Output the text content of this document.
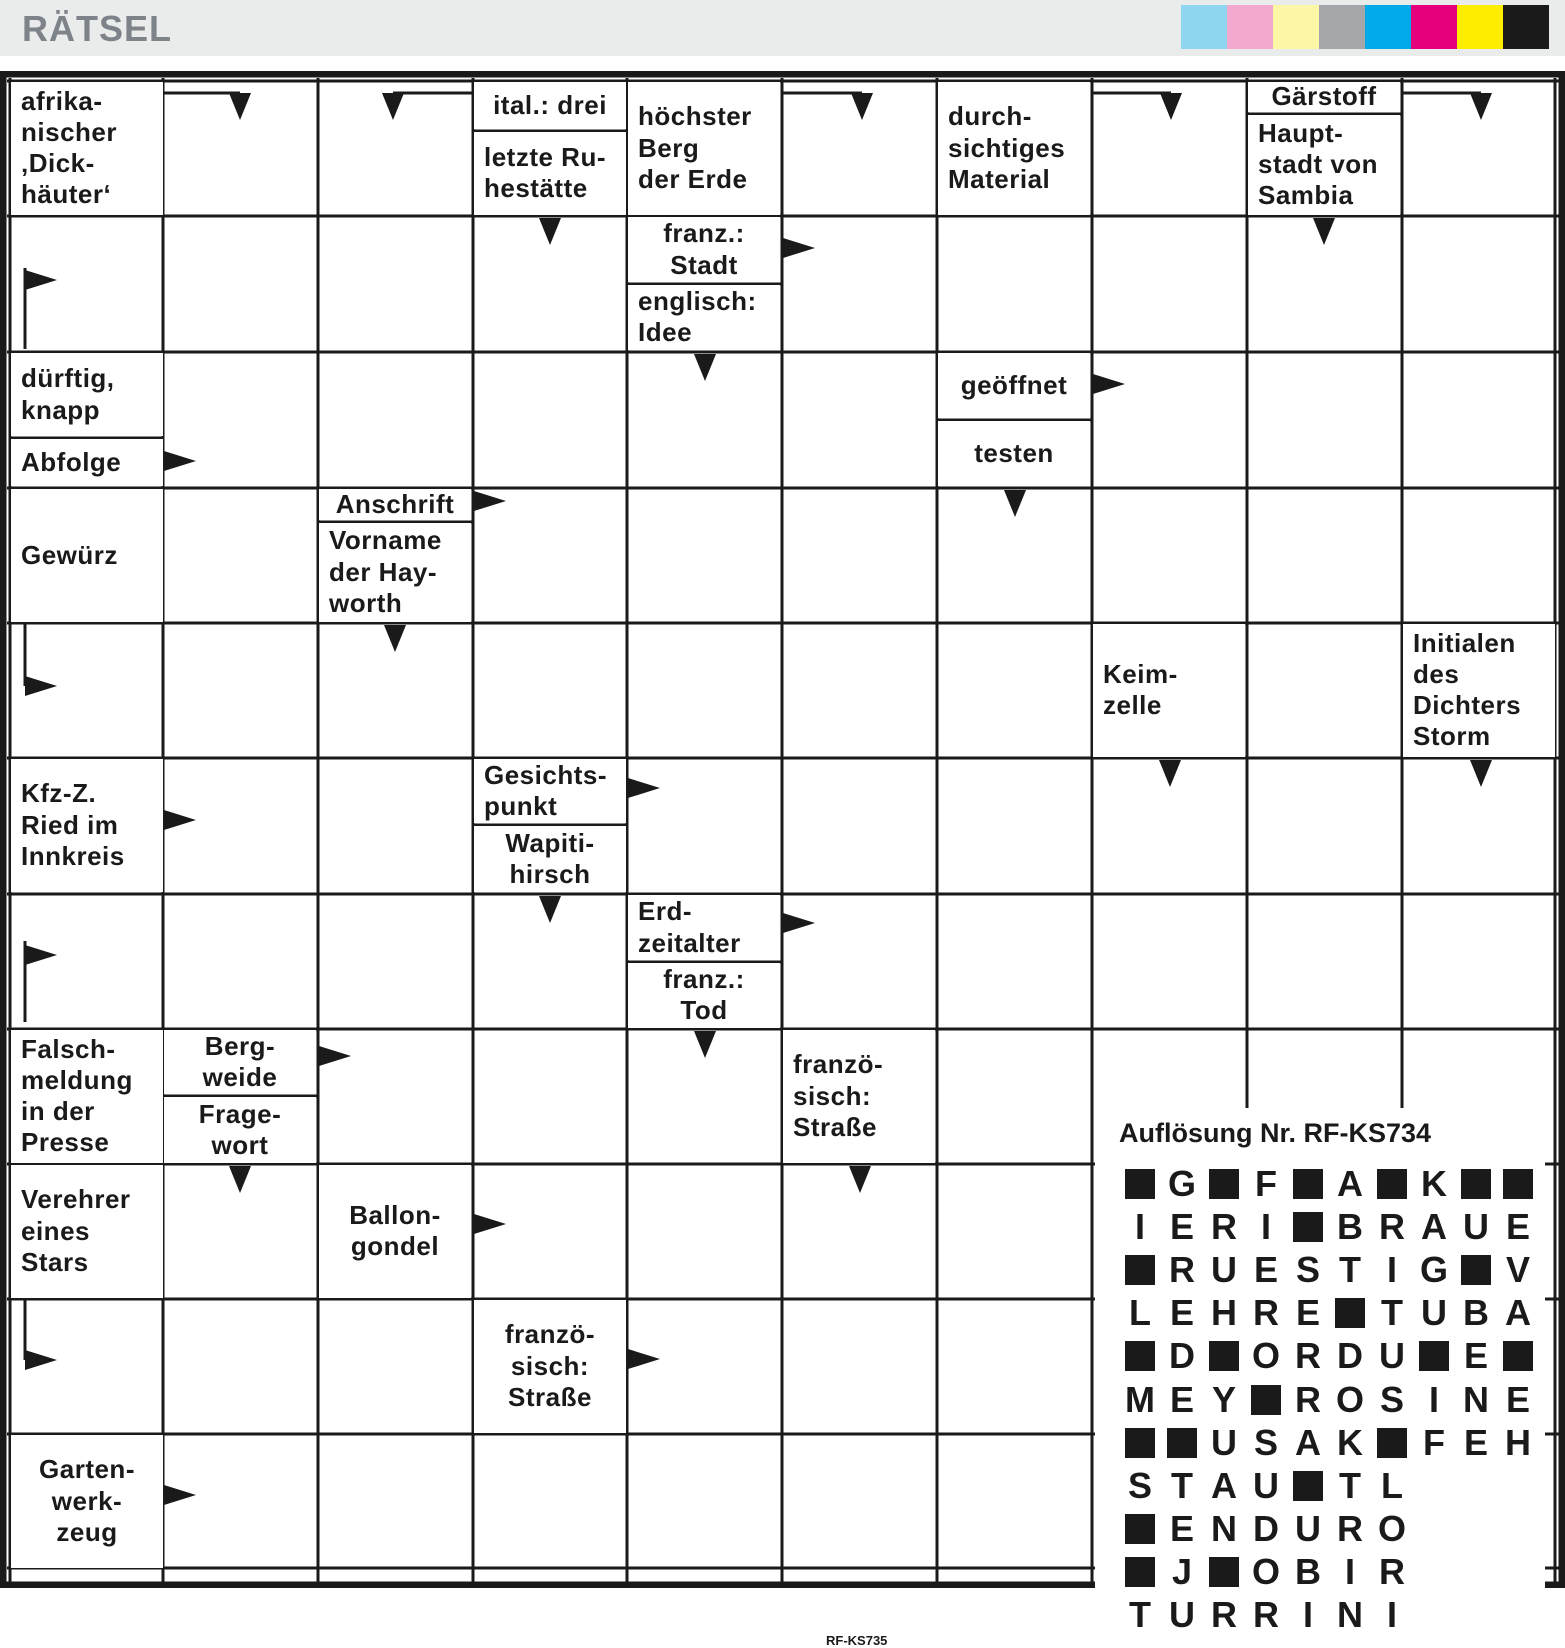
RÄTSEL
afrika-
nischer
‚Dick-
häuter‘
ital.: drei
letzte Ru-
hestätte
höchster
Berg
der Erde
durch-
sichtiges
Material
Gärstoff
Haupt-
stadt von
Sambia
franz.:
Stadt
englisch:
Idee
dürftig,
knapp
Abfolge
geöffnet
testen
Gewürz
Anschrift
Vorname
der Hay-
worth
Keim-
zelle
Initialen
des
Dichters
Storm
Kfz-Z.
Ried im
Innkreis
Gesichts-
punkt
Wapiti-
hirsch
Erd-
zeitalter
franz.:
Tod
Falsch-
meldung
in der
Presse
Berg-
weide
Frage-
wort
franzö-
sisch:
Straße
Verehrer
eines
Stars
Ballon-
gondel
franzö-
sisch:
Straße
Garten-
werk-
zeug
Auflösung Nr. RF-KS734
G F A K
I E R I	B R A U E
R U E S T I G V
L E H R E T U B A
D O R D U E
M E Y R O S I N E
U S A K F E H
S T A U T L
E N D U R O
J	O B I R
T U R R I N I
RF-KS735
